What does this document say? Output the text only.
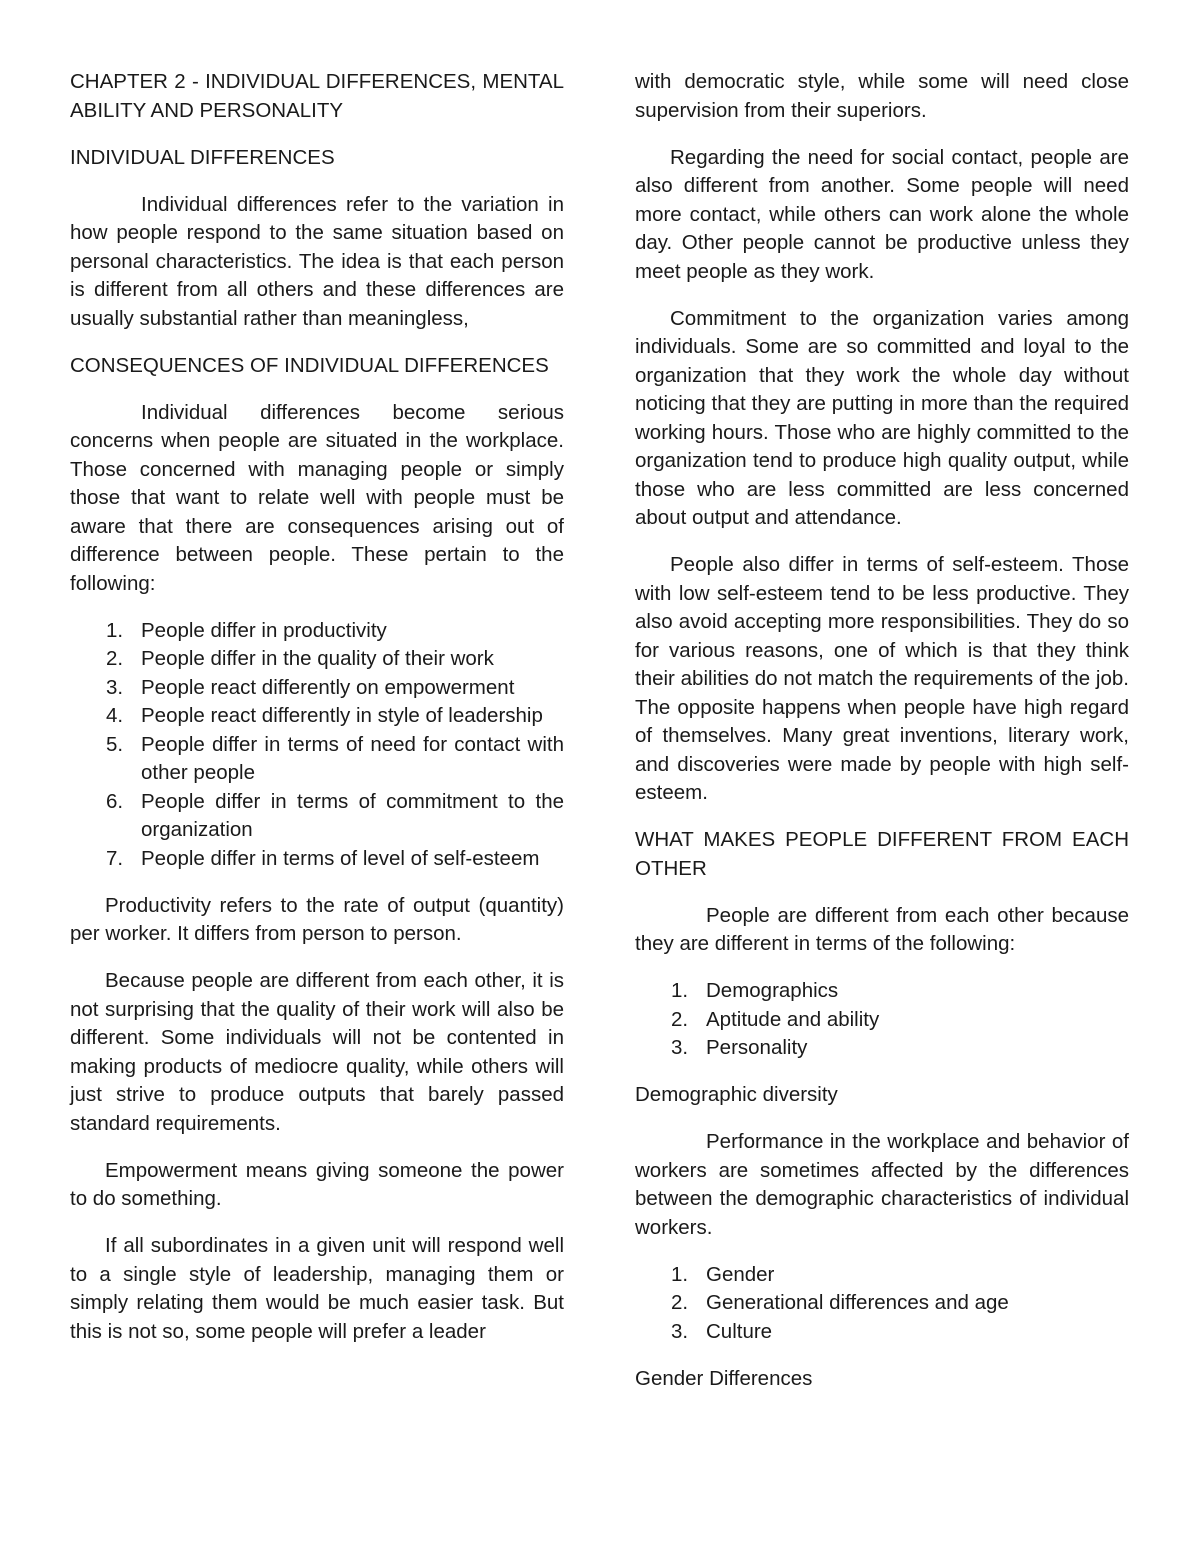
CHAPTER 2 - INDIVIDUAL DIFFERENCES, MENTAL ABILITY AND PERSONALITY

INDIVIDUAL DIFFERENCES

Individual differences refer to the variation in how people respond to the same situation based on personal characteristics. The idea is that each person is different from all others and these differences are usually substantial rather than meaningless,

CONSEQUENCES OF INDIVIDUAL DIFFERENCES

Individual differences become serious concerns when people are situated in the workplace. Those concerned with managing people or simply those that want to relate well with people must be aware that there are consequences arising out of difference between people. These pertain to the following:

1. People differ in productivity
2. People differ in the quality of their work
3. People react differently on empowerment
4. People react differently in style of leadership
5. People differ in terms of need for contact with other people
6. People differ in terms of commitment to the organization
7. People differ in terms of level of self-esteem

Productivity refers to the rate of output (quantity) per worker. It differs from person to person.

Because people are different from each other, it is not surprising that the quality of their work will also be different. Some individuals will not be contented in making products of mediocre quality, while others will just strive to produce outputs that barely passed standard requirements.

Empowerment means giving someone the power to do something.

If all subordinates in a given unit will respond well to a single style of leadership, managing them or simply relating them would be much easier task. But this is not so, some people will prefer a leader

with democratic style, while some will need close supervision from their superiors.

Regarding the need for social contact, people are also different from another. Some people will need more contact, while others can work alone the whole day. Other people cannot be productive unless they meet people as they work.

Commitment to the organization varies among individuals. Some are so committed and loyal to the organization that they work the whole day without noticing that they are putting in more than the required working hours. Those who are highly committed to the organization tend to produce high quality output, while those who are less committed are less concerned about output and attendance.

People also differ in terms of self-esteem. Those with low self-esteem tend to be less productive. They also avoid accepting more responsibilities. They do so for various reasons, one of which is that they think their abilities do not match the requirements of the job. The opposite happens when people have high regard of themselves. Many great inventions, literary work, and discoveries were made by people with high self-esteem.

WHAT MAKES PEOPLE DIFFERENT FROM EACH OTHER

People are different from each other because they are different in terms of the following:

1. Demographics
2. Aptitude and ability
3. Personality

Demographic diversity

Performance in the workplace and behavior of workers are sometimes affected by the differences between the demographic characteristics of individual workers.

1. Gender
2. Generational differences and age
3. Culture

Gender Differences
